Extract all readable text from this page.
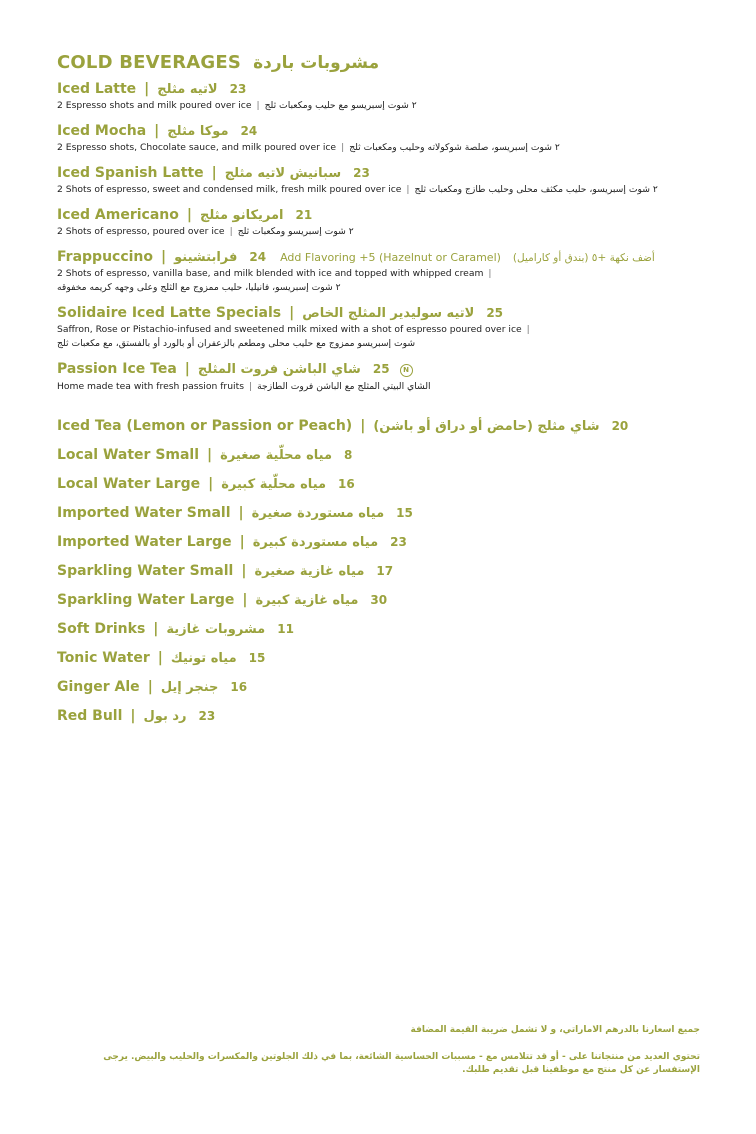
COLD BEVERAGES مشروبات باردة
Iced Latte | لاتيه مثلج 23
2 Espresso shots and milk poured over ice | ٢ شوت إسبريسو مع حليب ومكعبات ثلج
Iced Mocha | موكا مثلج 24
2 Espresso shots, Chocolate sauce, and milk poured over ice | ٢ شوت إسبريسو، صلصة شوكولاته وحليب ومكعبات ثلج
Iced Spanish Latte | سبانيش لاتيه مثلج 23
2 Shots of espresso, sweet and condensed milk, fresh milk poured over ice | ٢ شوت إسبريسو، حليب مكثف محلى وحليب طازج ومكعبات ثلج
Iced Americano | امريكانو مثلج 21
2 Shots of espresso, poured over ice | ٢ شوت إسبريسو ومكعبات ثلج
Frappuccino | فرابتشينو 24 Add Flavoring +5 (Hazelnut or Caramel) أضف نكهة +٥ (بندق أو كاراميل)
2 Shots of espresso, vanilla base, and milk blended with ice and topped with whipped cream |
٢ شوت إسبريسو، فانيليا، حليب ممزوج مع الثلج وعلى وجهه كريمه مخفوقه
Solidaire Iced Latte Specials | لاتيه سوليدير المثلج الخاص 25
Saffron, Rose or Pistachio-infused and sweetened milk mixed with a shot of espresso poured over ice |
شوت إسبريسو ممزوج مع حليب محلى ومطعم بالزعفران أو بالورد أو بالفستق، مع مكعبات ثلج
Passion Ice Tea | شاي الباشن فروت المثلج 25	N
Home made tea with fresh passion fruits | الشاي البيتي المثلج مع الباشن فروت الطازجة
Iced Tea (Lemon or Passion or Peach) | شاي مثلج (حامض أو دراق أو باشن) 20
Local Water Small | مياه محلّية صغيرة 8
Local Water Large | مياه محلّية كبيرة 16
Imported Water Small | مياه مستوردة صغيرة 15
Imported Water Large | مياه مستوردة كبيرة 23
Sparkling Water Small | مياه غازية صغيرة 17
Sparkling Water Large | مياه غازية كبيرة 30
Soft Drinks | مشروبات غازية 11
Tonic Water | مياه تونيك 15
Ginger Ale | جنجر إيل 16
Red Bull | رد بول 23

جميع اسعارنا بالدرهم الاماراتي، و لا تشمل ضريبة القيمة المضافة

تحتوي العديد من منتجاتنا على - أو قد تتلامس مع - مسببات الحساسية الشائعة، بما في ذلك الجلوتين والمكسرات والحليب والبيض. يرجى الإستفسار عن كل منتج مع موظفينا قبل تقديم طلبك.
